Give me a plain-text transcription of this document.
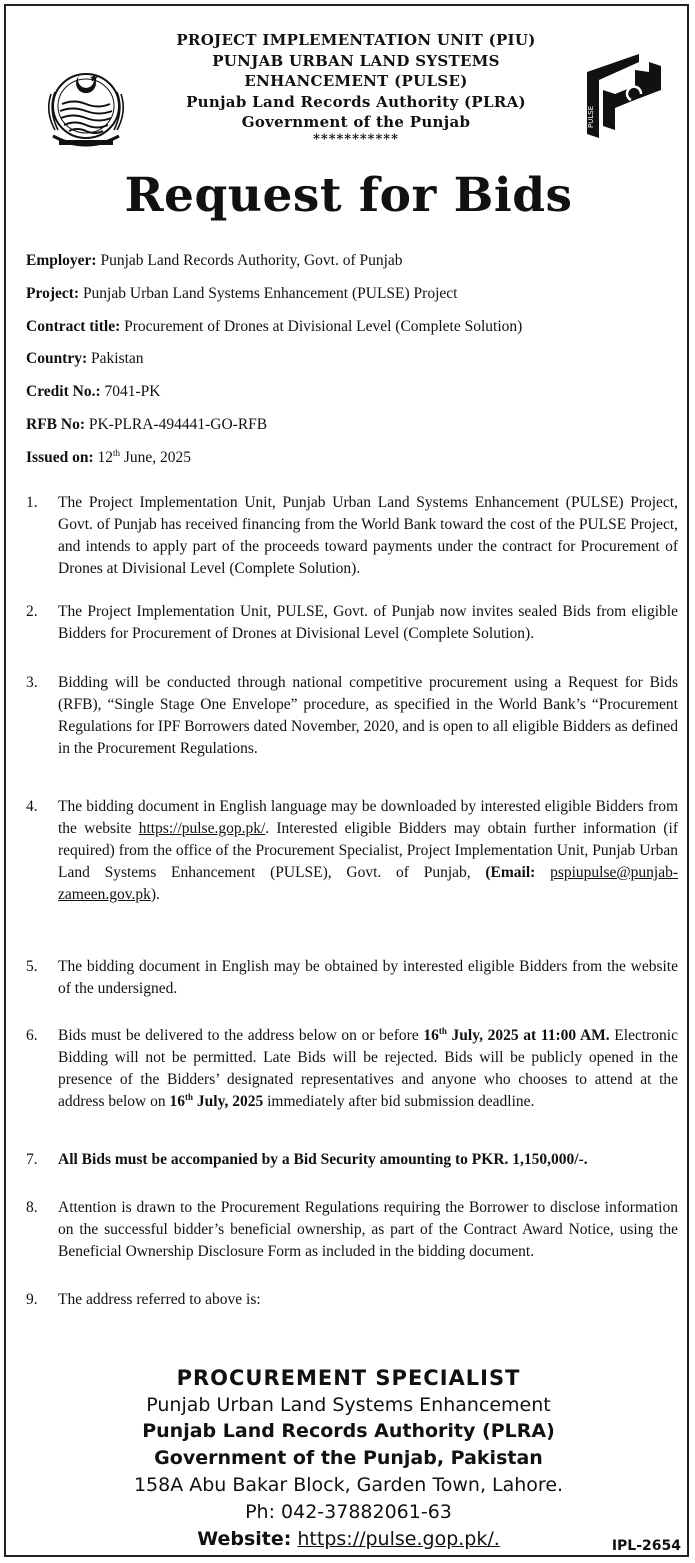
PROJECT IMPLEMENTATION UNIT (PIU)
PUNJAB URBAN LAND SYSTEMS
ENHANCEMENT (PULSE)
Punjab Land Records Authority (PLRA)
Government of the Punjab
***********
PULSE
Request for Bids
Employer: Punjab Land Records Authority, Govt. of Punjab
Project: Punjab Urban Land Systems Enhancement (PULSE) Project
Contract title: Procurement of Drones at Divisional Level (Complete Solution)
Country: Pakistan
Credit No.: 7041-PK
RFB No: PK-PLRA-494441-GO-RFB
Issued on: 12th June, 2025
1.	The Project Implementation Unit, Punjab Urban Land Systems Enhancement (PULSE) Project, Govt. of Punjab has received financing from the World Bank toward the cost of the PULSE Project, and intends to apply part of the proceeds toward payments under the contract for Procurement of Drones at Divisional Level (Complete Solution).
2.	The Project Implementation Unit, PULSE, Govt. of Punjab now invites sealed Bids from eligible Bidders for Procurement of Drones at Divisional Level (Complete Solution).
3.	Bidding will be conducted through national competitive procurement using a Request for Bids (RFB), “Single Stage One Envelope” procedure, as specified in the World Bank’s “Procurement Regulations for IPF Borrowers dated November, 2020, and is open to all eligible Bidders as defined in the Procurement Regulations.
4.	The bidding document in English language may be downloaded by interested eligible Bidders from the website https://pulse.gop.pk/. Interested eligible Bidders may obtain further information (if required) from the office of the Procurement Specialist, Project Implementation Unit, Punjab Urban Land Systems Enhancement (PULSE), Govt. of Punjab, (Email: pspiupulse@punjab-zameen.gov.pk).
5.	The bidding document in English may be obtained by interested eligible Bidders from the website of the undersigned.
6.	Bids must be delivered to the address below on or before 16th July, 2025 at 11:00 AM. Electronic Bidding will not be permitted. Late Bids will be rejected. Bids will be publicly opened in the presence of the Bidders’ designated representatives and anyone who chooses to attend at the address below on 16th July, 2025 immediately after bid submission deadline.
7.	All Bids must be accompanied by a Bid Security amounting to PKR. 1,150,000/-.
8.	Attention is drawn to the Procurement Regulations requiring the Borrower to disclose information on the successful bidder’s beneficial ownership, as part of the Contract Award Notice, using the Beneficial Ownership Disclosure Form as included in the bidding document.
9.	The address referred to above is:
PROCUREMENT SPECIALIST
Punjab Urban Land Systems Enhancement
Punjab Land Records Authority (PLRA)
Government of the Punjab, Pakistan
158A Abu Bakar Block, Garden Town, Lahore.
Ph: 042-37882061-63
Website: https://pulse.gop.pk/.	IPL-2654
